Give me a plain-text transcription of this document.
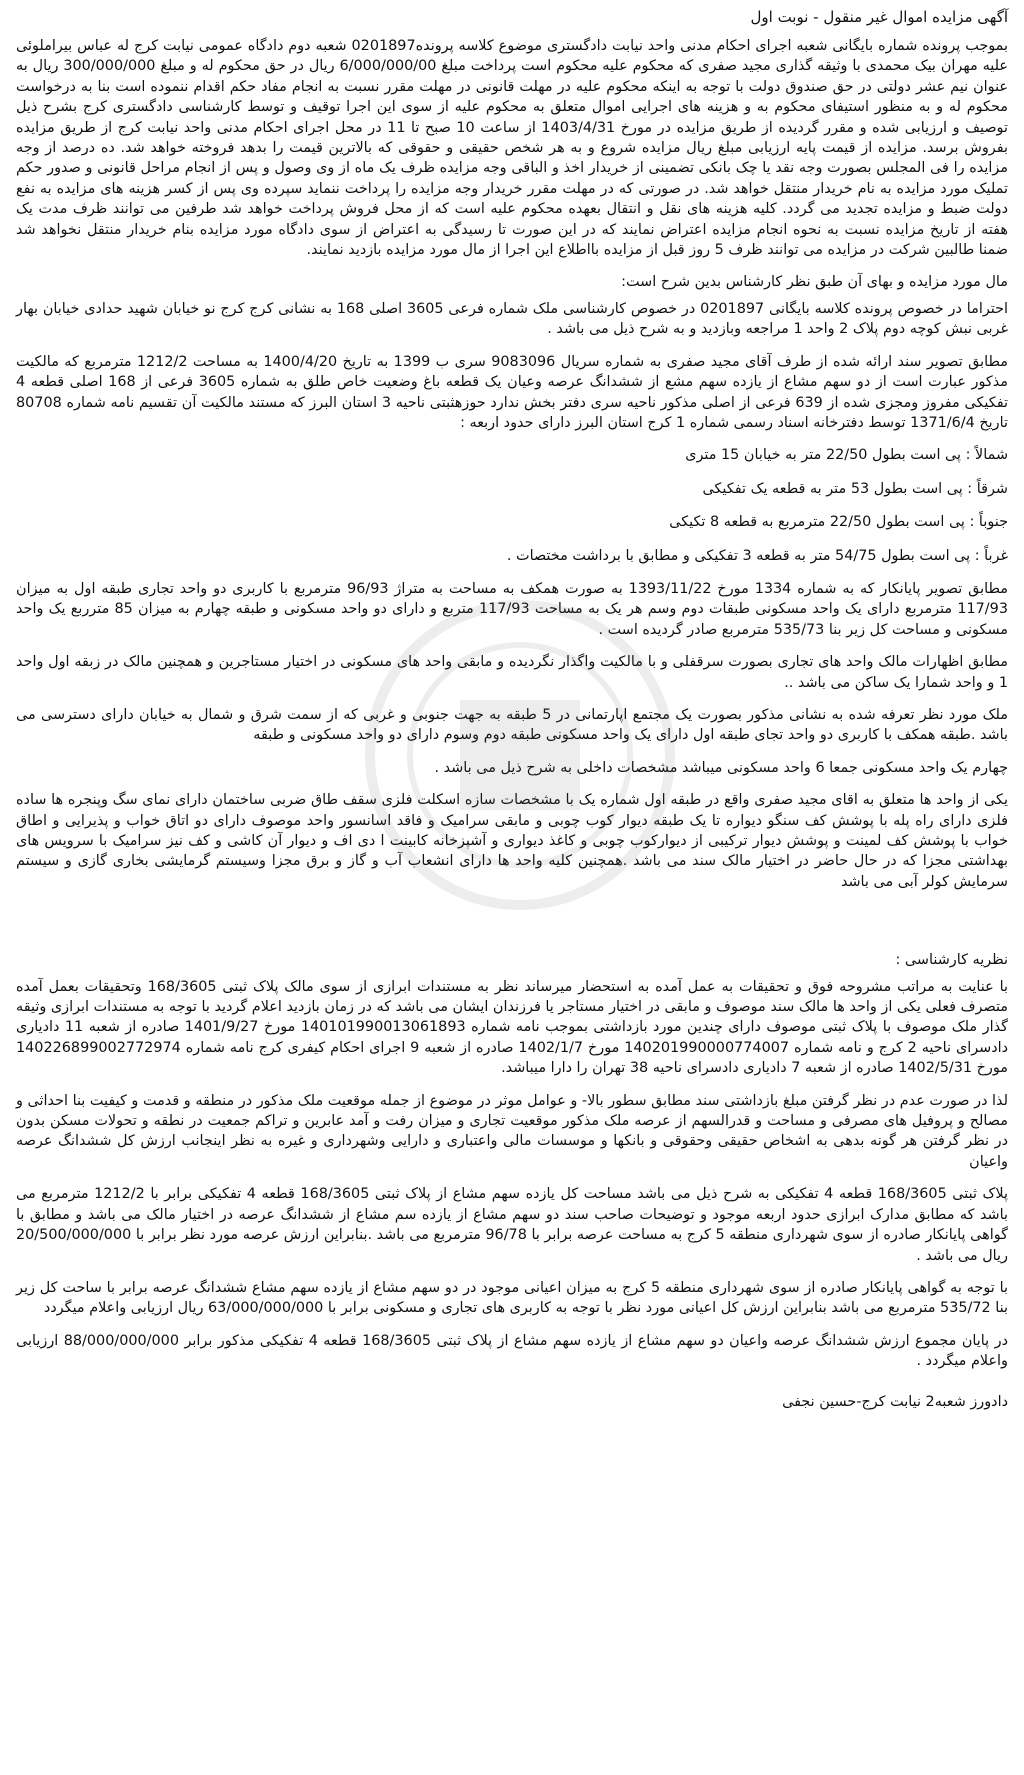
آگهی مزایده اموال غیر منقول - نوبت اول

بموجب پرونده شماره بایگانی شعبه اجرای احکام مدنی واحد نیابت دادگستری موضوع کلاسه پرونده0201897 شعبه دوم دادگاه عمومی نیابت کرج له عباس بیراملوئی علیه مهران بیک محمدی با وثیقه گذاری مجید صفری که محکوم علیه محکوم است پرداخت مبلغ 6/000/000/00 ریال در حق محکوم له و مبلغ 300/000/000 ریال به عنوان نیم عشر دولتی در حق صندوق دولت با توجه به اینکه محکوم علیه در مهلت قانونی در مهلت مقرر نسبت به انجام مفاد حکم اقدام ننموده است بنا به درخواست محکوم له و به منظور استیفای محکوم به و هزینه های اجرایی اموال متعلق به محکوم علیه از سوی این اجرا توقیف و توسط کارشناسی دادگستری کرج بشرح ذیل توصیف و ارزیابی شده و مقرر گردیده از طریق مزایده در مورخ 1403/4/31 از ساعت 10 صبح تا 11 در محل اجرای احکام مدنی واحد نیابت کرج از طریق مزایده بفروش برسد. مزایده از قیمت پایه ارزیابی مبلغ ریال مزایده شروع و به هر شخص حقیقی و حقوقی که بالاترین قیمت را بدهد فروخته خواهد شد. ده درصد از وجه مزایده را فی المجلس بصورت وجه نقد یا چک بانکی تضمینی از خریدار اخذ و الباقی وجه مزایده ظرف یک ماه از وی وصول و پس از انجام مراحل قانونی و صدور حکم تملیک مورد مزایده به نام خریدار منتقل خواهد شد. در صورتی که در مهلت مقرر خریدار وجه مزایده را پرداخت ننماید سپرده وی پس از کسر هزینه های مزایده به نفع دولت ضبط و مزایده تجدید می گردد. کلیه هزینه های نقل و انتقال بعهده محکوم علیه است که از محل فروش پرداخت خواهد شد طرفین می توانند ظرف مدت یک هفته از تاریخ مزایده نسبت به نحوه انجام مزایده اعتراض نمایند که در این صورت تا رسیدگی به اعتراض از سوی دادگاه مورد مزایده بنام خریدار منتقل نخواهد شد ضمنا طالبین شرکت در مزایده می توانند ظرف 5 روز قبل از مزایده بااطلاع این اجرا از مال مورد مزایده بازدید نمایند.

مال مورد مزایده و بهای آن طبق نظر کارشناس بدین شرح است:

احتراما در خصوص پرونده کلاسه بایگانی 0201897 در خصوص کارشناسی ملک شماره فرعی 3605 اصلی 168 به نشانی کرج کرج نو خیابان شهید حدادی خیابان بهار غربی نبش کوچه دوم پلاک 2 واحد 1 مراجعه وبازدید و به شرح ذیل می باشد .

مطابق تصویر سند ارائه شده از طرف آقای مجید صفری به شماره سریال 9083096 سری ب 1399 به تاریخ 1400/4/20 به مساحت 1212/2 مترمربع که مالکیت مذکور عبارت است از دو سهم مشاع از یازده سهم مشع از ششدانگ عرصه وعیان یک قطعه باغ وضعیت خاص طلق به شماره 3605 فرعی از 168 اصلی قطعه 4 تفکیکی مفروز ومجزی شده از 639 فرعی از اصلی مذکور ناحیه سری دفتر بخش ندارد حوزهثبتی ناحیه 3 استان البرز که مستند مالکیت آن تقسیم نامه شماره 80708 تاریخ 1371/6/4 توسط دفترخانه اسناد رسمی شماره 1 کرج استان البرز دارای حدود اربعه :

شمالاً : پی است بطول 22/50 متر به خیابان 15 متری
شرقاً : پی است بطول 53 متر به قطعه یک تفکیکی
جنوباً : پی است بطول 22/50 مترمربع به قطعه 8 تکیکی
غرباً : پی است بطول 54/75 متر به قطعه 3 تفکیکی و مطابق با برداشت مختصات .

مطابق تصویر پایانکار که به شماره 1334 مورخ 1393/11/22 به صورت همکف به مساحت به متراژ 96/93 مترمربع با کاربری دو واحد تجاری طبقه اول به میزان 117/93 مترمربع دارای یک واحد مسکونی طبقات دوم وسم هر یک به مساحت 117/93 متربع و دارای دو واحد مسکونی و طبقه چهارم به میزان 85 مترربع یک واحد مسکونی و مساحت کل زیر بنا 535/73 مترمربع صادر گردیده است .

مطابق اظهارات مالک واحد های تجاری بصورت سرقفلی و با مالکیت واگذار نگردیده و مابقی واحد های مسکونی در اختیار مستاجرین و همچنین مالک در زبقه اول واحد 1 و واحد شمارا یک ساکن می باشد ..

ملک مورد نظر تعرفه شده به نشانی مذکور بصورت یک مجتمع اپارتمانی در 5 طبقه به جهت جنوبی و غربی که از سمت شرق و شمال به خیابان دارای دسترسی می باشد .طبقه همکف با کاربری دو واحد تجای طبقه اول دارای یک واحد مسکونی طبقه دوم وسوم دارای دو واحد مسکونی و طبقه

چهارم یک واحد مسکونی جمعا 6 واحد مسکونی میباشد مشخصات داخلی به شرح ذیل می باشد .

یکی از واحد ها متعلق به اقای مجید صفری واقع در طبقه اول شماره یک با مشخصات سازه اسکلت فلزی سقف طاق ضربی ساختمان دارای نمای سگ وپنجره ها ساده فلزی دارای راه پله با پوشش کف سنگو دیواره تا یک طبقه دیوار کوب چوبی و مابقی سرامیک و فاقد اسانسور واحد موصوف دارای دو اتاق خواب و پذیرایی و اطاق خواب با پوشش کف لمینت و پوشش دیوار ترکیبی از دیوارکوب چوبی و کاغذ دیواری و آشپزخانه کابینت ا دی اف و دیوار آن کاشی و کف نیز سرامیک با سرویس های بهداشتی مجزا که در حال حاضر در اختیار مالک سند می باشد .همچنین کلیه واحد ها دارای انشعاب آب و گاز و برق مجزا وسیستم گرمایشی بخاری گازی و سیستم سرمایش کولر آبی می باشد

نظریه کارشناسی :

با عنایت به مراتب مشروحه فوق و تحقیقات به عمل آمده به استحضار میرساند نظر به مستندات ابرازی از سوی مالک پلاک ثبتی 168/3605 وتحقیقات بعمل آمده متصرف فعلی یکی از واحد ها مالک سند موصوف و مابقی در اختیار مستاجر یا فرزندان ایشان می باشد که در زمان بازدید اعلام گردید با توجه به مستندات ابرازی وثیقه گذار ملک موصوف با پلاک ثبتی موصوف دارای چندین مورد بازداشتی بموجب نامه شماره 140101990013061893 مورخ 1401/9/27 صادره از شعبه 11 دادیاری دادسرای ناحیه 2 کرج و نامه شماره 140201990000774007 مورخ 1402/1/7 صادره از شعبه 9 اجرای احکام کیفری کرج نامه شماره 140226899002772974 مورخ 1402/5/31 صادره از شعبه 7 دادیاری دادسرای ناحیه 38 تهران را دارا میباشد.

لذا در صورت عدم در نظر گرفتن مبلغ بازداشتی سند مطابق سطور بالا- و عوامل موثر در موضوع از جمله موقعیت ملک مذکور در منطقه و قدمت و کیفیت بنا احداثی و مصالح و پروفیل های مصرفی و مساحت و قدرالسهم از عرصه ملک مذکور موقعیت تجاری و میزان رفت و آمد عابرین و تراکم جمعیت در نطقه و تحولات مسکن بدون در نظر گرفتن هر گونه بدهی به اشخاص حقیقی وحقوقی و بانکها و موسسات مالی واعتباری و دارایی وشهرداری و غیره به نظر اینجانب ارزش کل ششدانگ عرصه واعیان

پلاک ثبتی 168/3605 قطعه 4 تفکیکی به شرح ذیل می باشد مساحت کل یازده سهم مشاع از پلاک ثبتی 168/3605 قطعه 4 تفکیکی برابر با 1212/2 مترمربع می باشد که مطابق مدارک ابرازی حدود اربعه موجود و توضیحات صاحب سند دو سهم مشاع از یازده سم مشاع از ششدانگ عرصه در اختیار مالک می باشد و مطابق با گواهی پایانکار صادره از سوی شهرداری منطقه 5 کرج به مساحت عرصه برابر با 96/78 مترمربع می باشد .بنابراین ارزش عرصه مورد نظر برابر با 20/500/000/000 ریال می باشد .

با توجه به گواهی پایانکار صادره از سوی شهرداری منطقه 5 کرج به میزان اعیانی موجود در دو سهم مشاع از یازده سهم مشاع ششدانگ عرصه برابر با ساحت کل زیر بنا 535/72 مترمربع می باشد بنابراین ارزش کل اعیانی مورد نظر با توجه به کاربری های تجاری و مسکونی برابر با 63/000/000/000 ریال ارزیابی واعلام میگردد

در پایان مجموع ارزش ششدانگ عرصه واعیان دو سهم مشاع از یازده سهم مشاع از پلاک ثبتی 168/3605 قطعه 4 تفکیکی مذکور برابر 88/000/000/000 ارزیابی واعلام میگردد .

دادورز شعبه2 نیابت کرج-حسین نجفی
